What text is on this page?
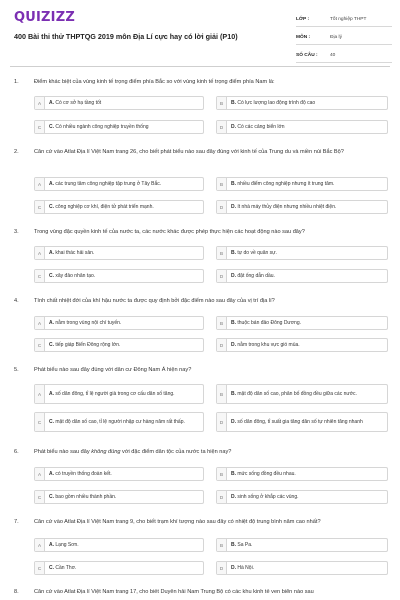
QUIZIZZ
400 Bài thi thử THPTQG 2019 môn Địa Lí cực hay có lời giải (P10)
LỚP :	Tốt nghiệp THPT
MÔN :	Địa lý
SỐ CÂU :	40
1.	Điểm khác biệt của vùng kinh tế trọng điểm phía Bắc so với vùng kinh tế trọng điểm phía Nam là:
A	A. Có cơ sở hạ tầng tốt	B	B. Có lực lượng lao động trình độ cao
C	C. Có nhiều ngành công nghiệp truyền thống	D	D. Có các cảng biển lớn
2.	Căn cứ vào Atlat Địa lí Việt Nam trang 26, cho biết phát biểu nào sau đây đúng với kinh tế của Trung du và miền núi Bắc Bộ?
A	A. các trung tâm công nghiệp tập trung ở Tây Bắc.	B	B. nhiều điểm công nghiệp nhưng ít trung tâm.
C	C. công nghiệp cơ khí, điện tử phát triển mạnh.	D	D. ít nhà máy thủy điện nhưng nhiều nhiệt điện.
3.	Trong vùng đặc quyền kinh tế của nước ta, các nước khác được phép thực hiện các hoạt động nào sau đây?
A	A. khai thác hải sản.	B	B. tự do về quân sự.
C	C. xây đảo nhân tạo.	D	D. đặt ống dẫn dầu.
4.	Tính chất nhiệt đới của khí hậu nước ta được quy định bởi đặc điểm nào sau đây của vị trí địa lí?
A	A. nằm trong vùng nội chí tuyến.	B	B. thuộc bán đảo Đông Dương.
C	C. tiếp giáp Biển Đông rộng lớn.	D	D. nằm trong khu vực gió mùa.
5.	Phát biểu nào sau đây đúng với dân cư Đông Nam Á hiện nay?
A	A. số dân đông, tỉ lệ người già trong cơ cấu dân số tăng.	B	B. mật độ dân số cao, phân bố đồng đều giữa các nước.
C	C. mật độ dân số cao, tỉ lệ người nhập cư hàng năm rất thấp.	D	D. số dân đông, tỉ suất gia tăng dân số tự nhiên tăng nhanh
6.	Phát biểu nào sau đây không đúng với đặc điểm dân tộc của nước ta hiện nay?
A	A. có truyền thống đoàn kết.	B	B. mức sống đồng đều nhau.
C	C. bao gồm nhiều thành phần.	D	D. sinh sống ở khắp các vùng.
7.	Căn cứ vào Atlat Địa lí Việt Nam trang 9, cho biết trạm khí tượng nào sau đây có nhiệt độ trung bình năm cao nhất?
A	A. Lạng Sơn.	B	B. Sa Pa.
C	C. Cần Thơ.	D	D. Hà Nội.
8.	Căn cứ vào Atlat Địa lí Việt Nam trang 17, cho biết Duyên hải Nam Trung Bộ có các khu kinh tế ven biển nào sau
